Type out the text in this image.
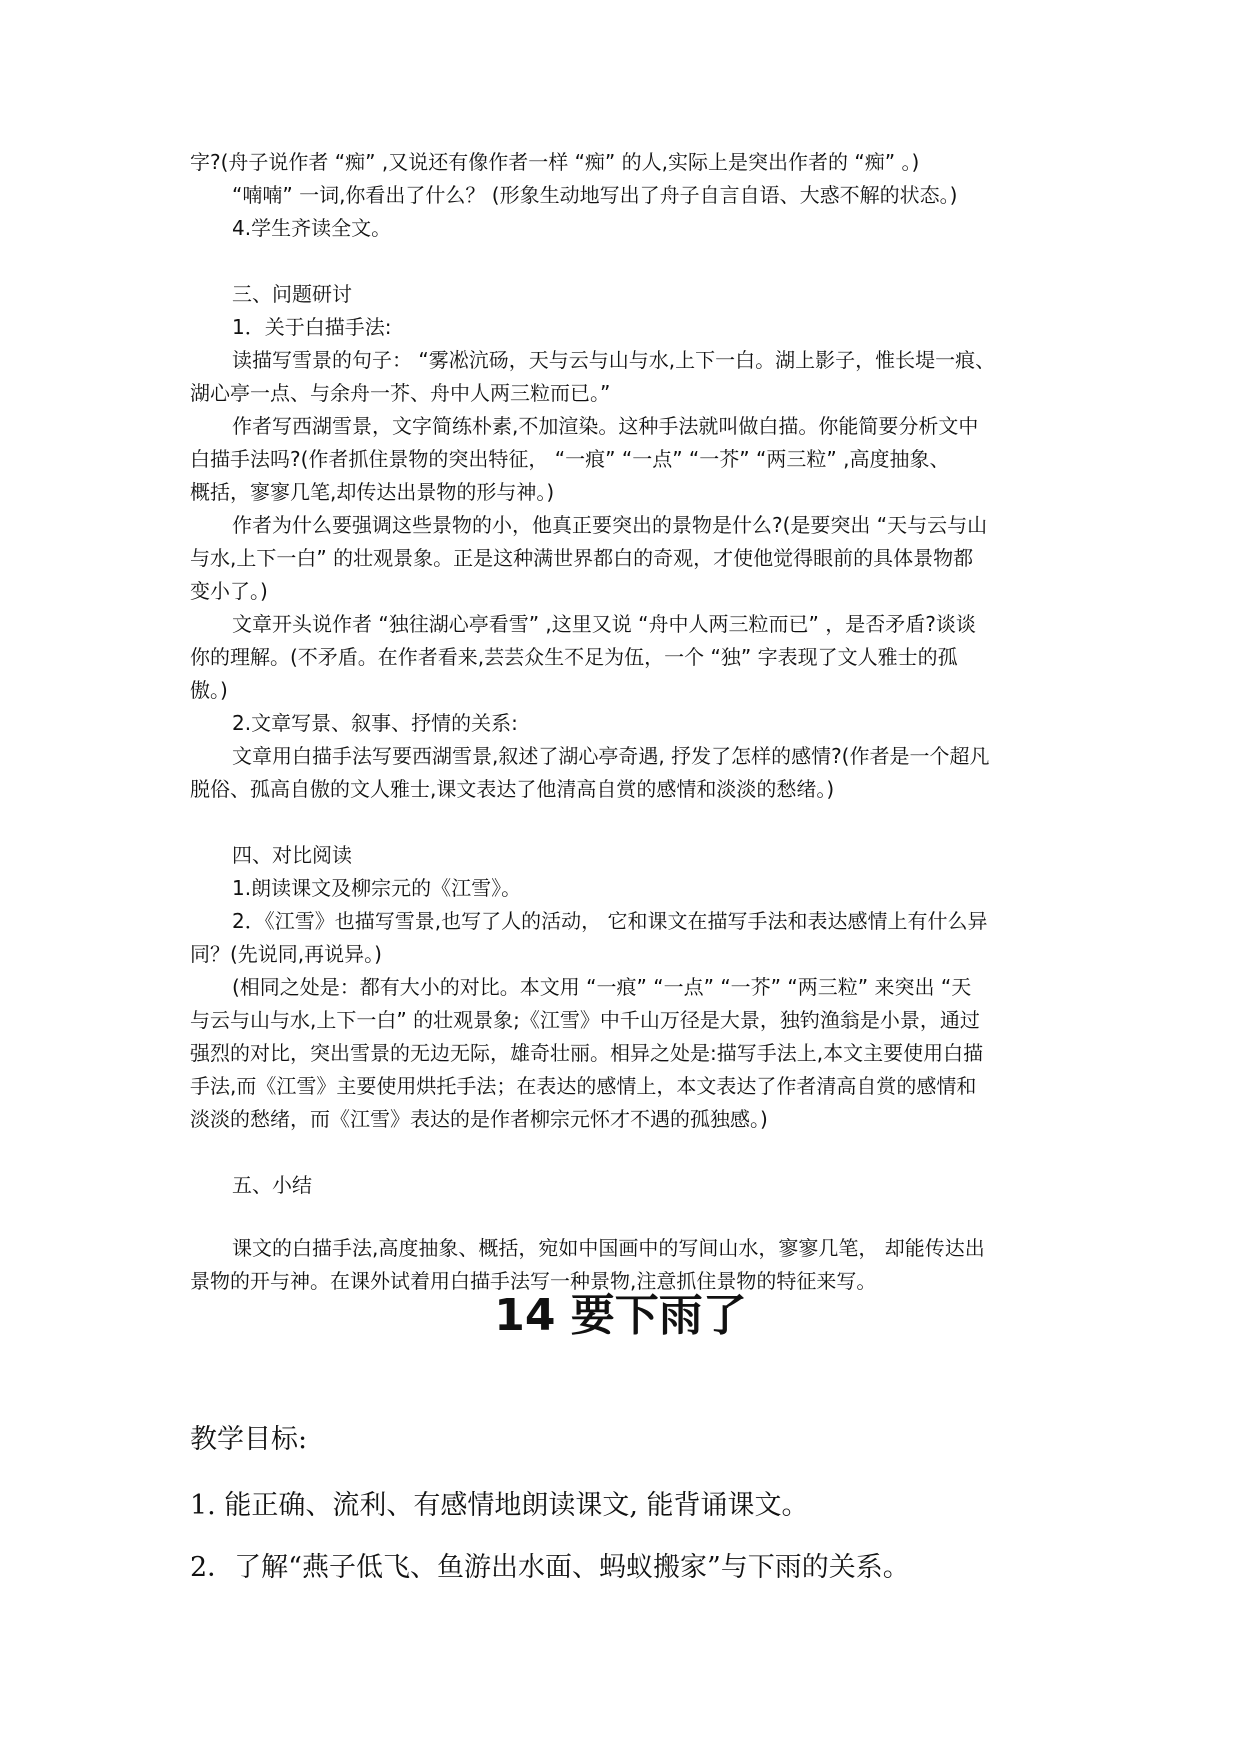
字?(舟子说作者 “痴” ,又说还有像作者一样 “痴” 的人,实际上是突出作者的 “痴” 。)
“喃喃” 一词,你看出了什么？ (形象生动地写出了舟子自言自语、大惑不解的状态。)
4.学生齐读全文。
三、问题研讨
1．关于白描手法:
读描写雪景的句子： “雾凇沆砀，天与云与山与水,上下一白。湖上影子，惟长堤一痕、
湖心亭一点、与余舟一芥、舟中人两三粒而已。”
作者写西湖雪景，文字简练朴素,不加渲染。这种手法就叫做白描。你能简要分析文中
白描手法吗?(作者抓住景物的突出特征， “一痕” “一点” “一芥” “两三粒” ,高度抽象、
概括，寥寥几笔,却传达出景物的形与神。)
作者为什么要强调这些景物的小，他真正要突出的景物是什么?(是要突出 “天与云与山
与水,上下一白” 的壮观景象。正是这种满世界都白的奇观，才使他觉得眼前的具体景物都
变小了。)
文章开头说作者 “独往湖心亭看雪” ,这里又说 “舟中人两三粒而已” ，是否矛盾?谈谈
你的理解。(不矛盾。在作者看来,芸芸众生不足为伍，一个 “独” 字表现了文人雅士的孤
傲。)
2.文章写景、叙事、抒情的关系:
文章用白描手法写要西湖雪景,叙述了湖心亭奇遇, 抒发了怎样的感情?(作者是一个超凡
脱俗、孤高自傲的文人雅士,课文表达了他清高自赏的感情和淡淡的愁绪。)
四、对比阅读
1.朗读课文及柳宗元的《江雪》。
2．《江雪》也描写雪景,也写了人的活动， 它和课文在描写手法和表达感情上有什么异
同？(先说同,再说异。)
(相同之处是：都有大小的对比。本文用 “一痕” “一点” “一芥” “两三粒” 来突出 “天
与云与山与水,上下一白” 的壮观景象;《江雪》中千山万径是大景，独钓渔翁是小景，通过
强烈的对比，突出雪景的无边无际，雄奇壮丽。相异之处是:描写手法上,本文主要使用白描
手法,而《江雪》主要使用烘托手法；在表达的感情上，本文表达了作者清高自赏的感情和
淡淡的愁绪，而《江雪》表达的是作者柳宗元怀才不遇的孤独感。)
五、小结
课文的白描手法,高度抽象、概括，宛如中国画中的写间山水，寥寥几笔， 却能传达出
景物的开与神。在课外试着用白描手法写一种景物,注意抓住景物的特征来写。
14 要下雨了
教学目标:
1. 能正确、流利、有感情地朗读课文, 能背诵课文。
2．了解“燕子低飞、鱼游出水面、蚂蚁搬家”与下雨的关系。
